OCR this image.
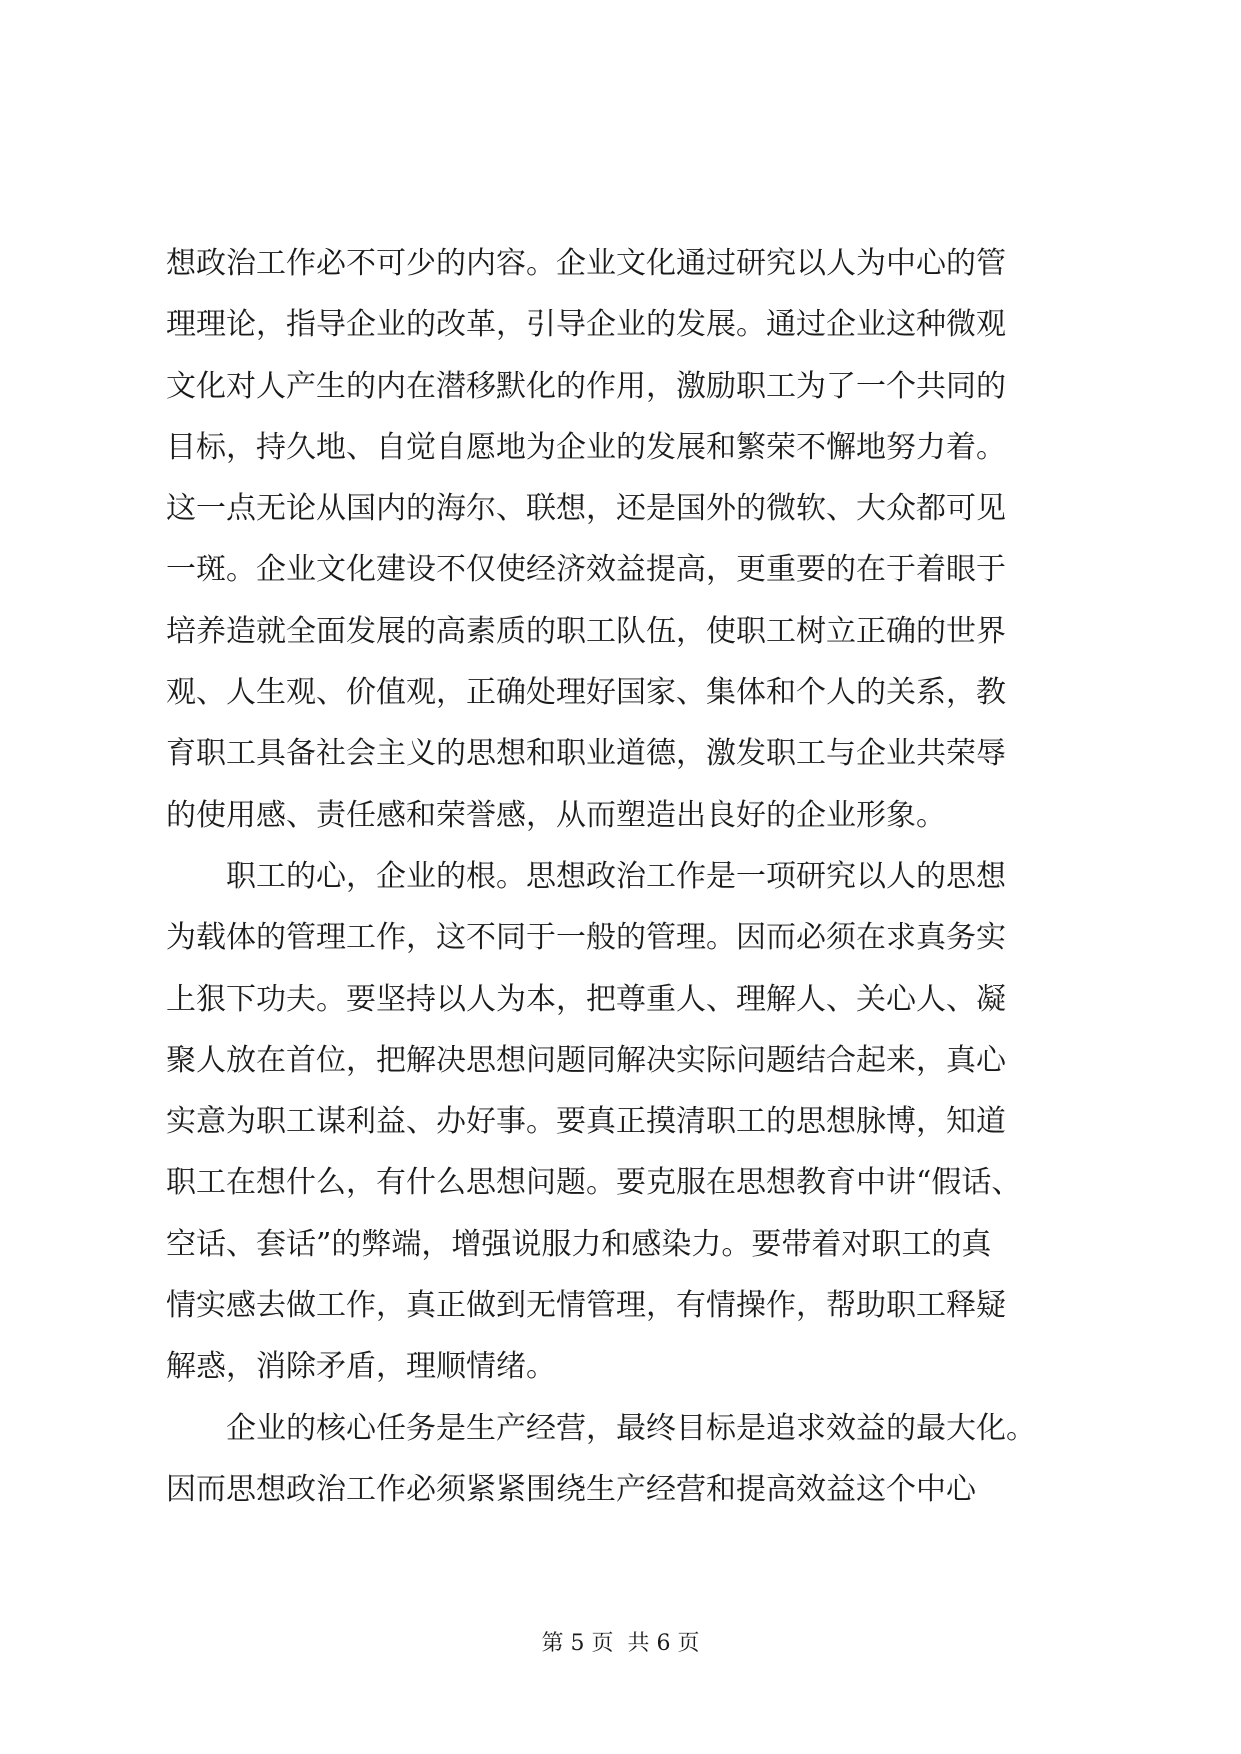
想政治工作必不可少的内容。企业文化通过研究以人为中心的管
理理论，指导企业的改革，引导企业的发展。通过企业这种微观
文化对人产生的内在潜移默化的作用，激励职工为了一个共同的
目标，持久地、自觉自愿地为企业的发展和繁荣不懈地努力着。
这一点无论从国内的海尔、联想，还是国外的微软、大众都可见
一斑。企业文化建设不仅使经济效益提高，更重要的在于着眼于
培养造就全面发展的高素质的职工队伍，使职工树立正确的世界
观、人生观、价值观，正确处理好国家、集体和个人的关系，教
育职工具备社会主义的思想和职业道德，激发职工与企业共荣辱
的使用感、责任感和荣誉感，从而塑造出良好的企业形象。
职工的心，企业的根。思想政治工作是一项研究以人的思想
为载体的管理工作，这不同于一般的管理。因而必须在求真务实
上狠下功夫。要坚持以人为本，把尊重人、理解人、关心人、凝
聚人放在首位，把解决思想问题同解决实际问题结合起来，真心
实意为职工谋利益、办好事。要真正摸清职工的思想脉博，知道
职工在想什么，有什么思想问题。要克服在思想教育中讲“假话、
空话、套话”的弊端，增强说服力和感染力。要带着对职工的真
情实感去做工作，真正做到无情管理，有情操作，帮助职工释疑
解惑，消除矛盾，理顺情绪。
企业的核心任务是生产经营，最终目标是追求效益的最大化。
因而思想政治工作必须紧紧围绕生产经营和提高效益这个中心
第 5 页  共 6 页
